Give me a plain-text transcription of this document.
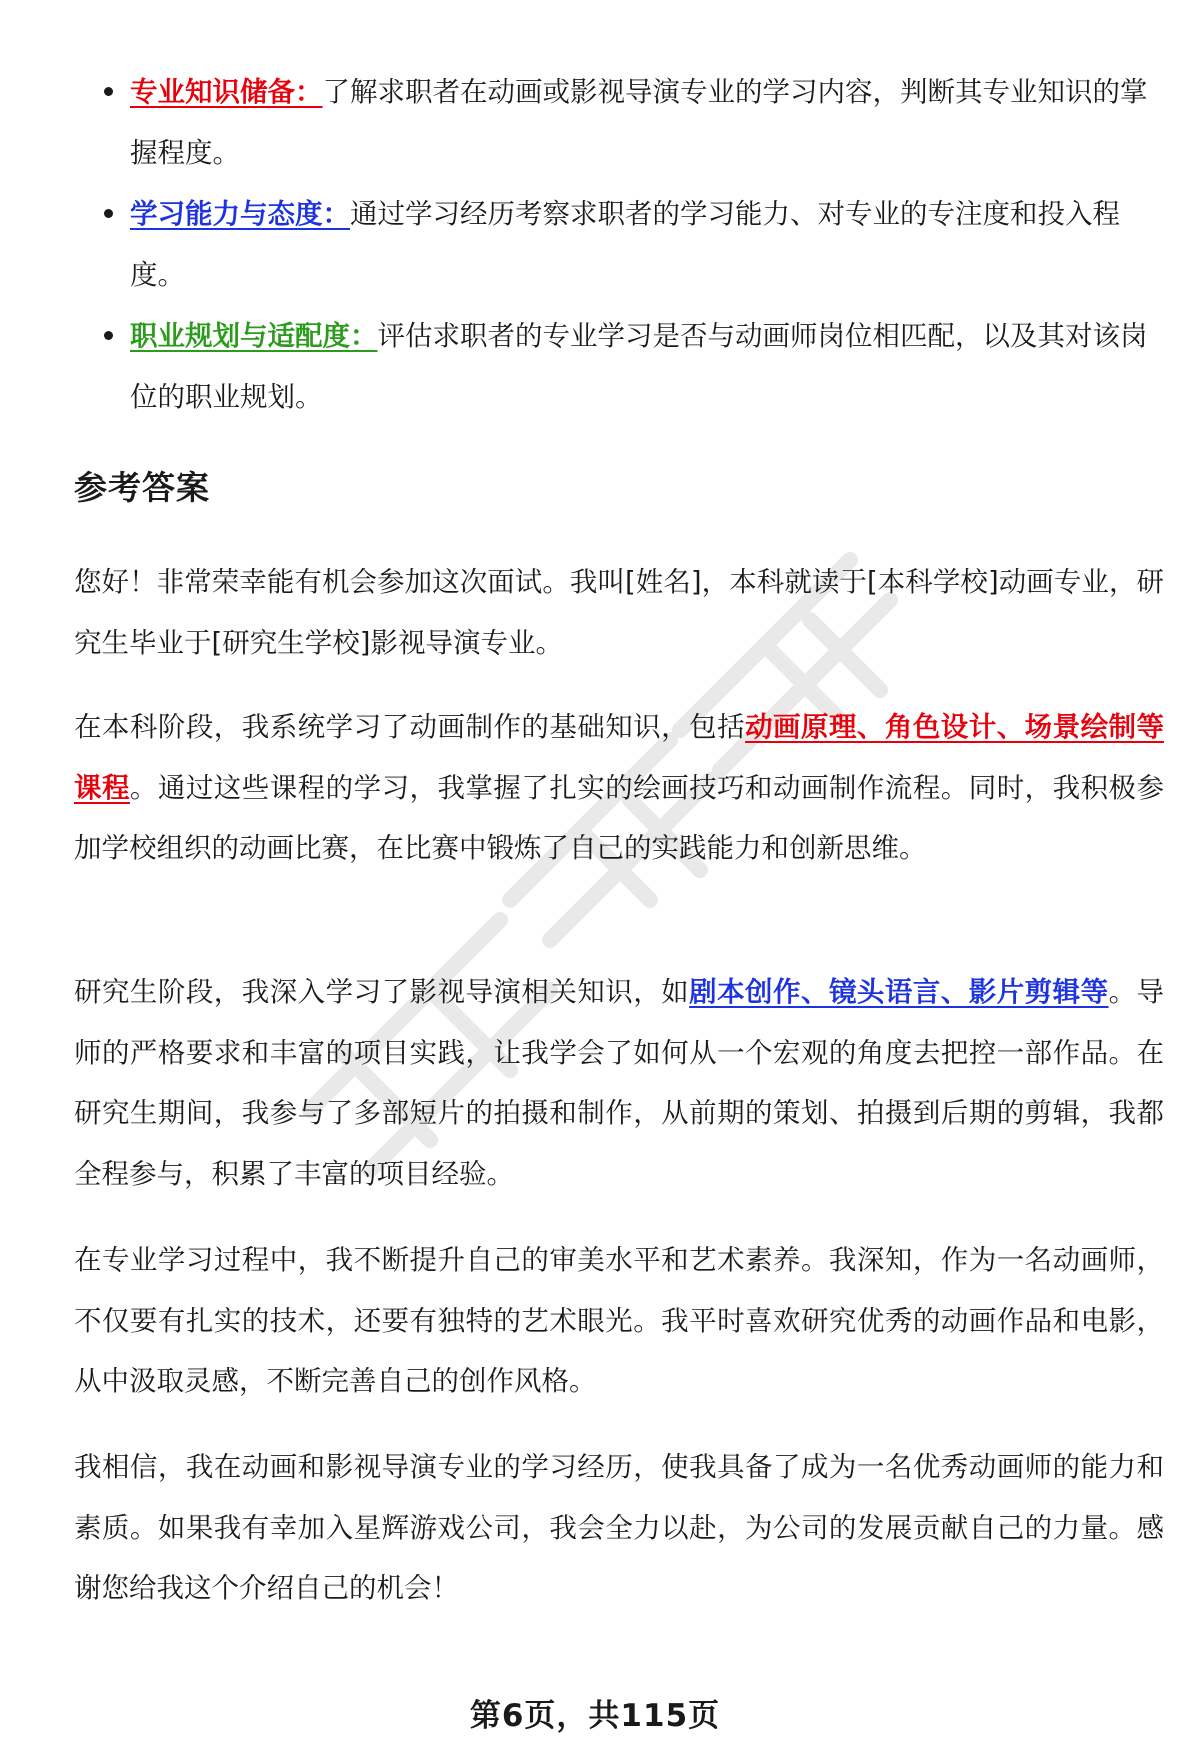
专业知识储备：了解求职者在动画或影视导演专业的学习内容，判断其专业知识的掌握程度。
学习能力与态度：通过学习经历考察求职者的学习能力、对专业的专注度和投入程度。
职业规划与适配度：评估求职者的专业学习是否与动画师岗位相匹配，以及其对该岗位的职业规划。
参考答案

您好！非常荣幸能有机会参加这次面试。我叫[姓名]，本科就读于[本科学校]动画专业，研究生毕业于[研究生学校]影视导演专业。

在本科阶段，我系统学习了动画制作的基础知识，包括动画原理、角色设计、场景绘制等课程。通过这些课程的学习，我掌握了扎实的绘画技巧和动画制作流程。同时，我积极参加学校组织的动画比赛，在比赛中锻炼了自己的实践能力和创新思维。

研究生阶段，我深入学习了影视导演相关知识，如剧本创作、镜头语言、影片剪辑等。导师的严格要求和丰富的项目实践，让我学会了如何从一个宏观的角度去把控一部作品。在研究生期间，我参与了多部短片的拍摄和制作，从前期的策划、拍摄到后期的剪辑，我都全程参与，积累了丰富的项目经验。

在专业学习过程中，我不断提升自己的审美水平和艺术素养。我深知，作为一名动画师，不仅要有扎实的技术，还要有独特的艺术眼光。我平时喜欢研究优秀的动画作品和电影，从中汲取灵感，不断完善自己的创作风格。

我相信，我在动画和影视导演专业的学习经历，使我具备了成为一名优秀动画师的能力和素质。如果我有幸加入星辉游戏公司，我会全力以赴，为公司的发展贡献自己的力量。感谢您给我这个介绍自己的机会！

第6页，共115页
